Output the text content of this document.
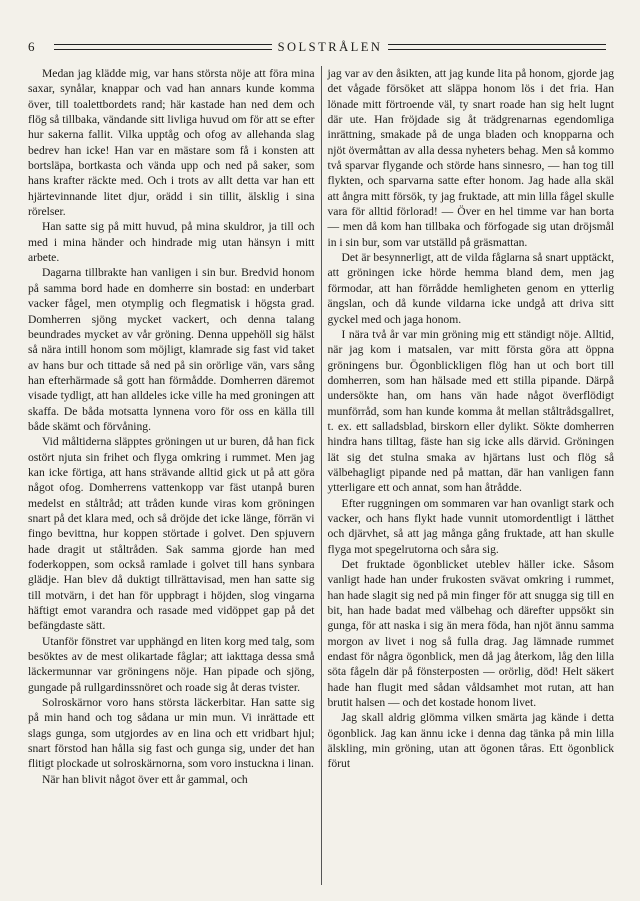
6	SOLSTRÅLEN

Medan jag klädde mig, var hans största nöje att föra mina saxar, synålar, knappar och vad han annars kunde komma över, till toalettbordets rand; här kastade han ned dem och flög så tillbaka, vändande sitt livliga huvud om för att se efter hur sakerna fallit. Vilka upptåg och ofog av allehanda slag bedrev han icke! Han var en mästare som få i konsten att bortsläpa, bortkasta och vända upp och ned på saker, som hans krafter räckte med. Och i trots av allt detta var han ett hjärtevinnande litet djur, orädd i sin tillit, älsklig i sina rörelser.

Han satte sig på mitt huvud, på mina skuldror, ja till och med i mina händer och hindrade mig utan hänsyn i mitt arbete.

Dagarna tillbrakte han vanligen i sin bur. Bredvid honom på samma bord hade en domherre sin bostad: en underbart vacker fågel, men otymplig och flegmatisk i högsta grad. Domherren sjöng mycket vackert, och denna talang beundrades mycket av vår gröning. Denna uppehöll sig hälst så nära intill honom som möjligt, klamrade sig fast vid taket av hans bur och tittade så ned på sin orörlige vän, vars sång han efterhärmade så gott han förmådde. Domherren däremot visade tydligt, att han alldeles icke ville ha med groningen att skaffa. De båda motsatta lynnena voro för oss en källa till både skämt och förvåning.

Vid måltiderna släpptes gröningen ut ur buren, då han fick ostört njuta sin frihet och flyga omkring i rummet. Men jag kan icke förtiga, att hans strävande alltid gick ut på att göra något ofog. Domherrens vattenkopp var fäst utanpå buren medelst en ståltråd; att tråden kunde viras kom gröningen snart på det klara med, och så dröjde det icke länge, förrän vi fingo bevittna, hur koppen störtade i golvet. Den spjuvern hade dragit ut ståltråden. Sak samma gjorde han med foderkoppen, som också ramlade i golvet till hans synbara glädje. Han blev då duktigt tillrättavisad, men han satte sig till motvärn, i det han för uppbragt i höjden, slog vingarna häftigt emot varandra och rasade med vidöppet gap på det befängdaste sätt.

Utanför fönstret var upphängd en liten korg med talg, som besöktes av de mest olikartade fåglar; att iakttaga dessa små läckermunnar var gröningens nöje. Han pipade och sjöng, gungade på rullgardinssnöret och roade sig åt deras tvister.

Solroskärnor voro hans största läckerbitar. Han satte sig på min hand och tog sådana ur min mun. Vi inrättade ett slags gunga, som utgjordes av en lina och ett vridbart hjul; snart förstod han hålla sig fast och gunga sig, under det han flitigt plockade ut solroskärnorna, som voro instuckna i linan.

När han blivit något över ett år gammal, och

jag var av den åsikten, att jag kunde lita på honom, gjorde jag det vågade försöket att släppa honom lös i det fria. Han lönade mitt förtroende väl, ty snart roade han sig helt lugnt där ute. Han fröjdade sig åt trädgrenarnas egendomliga inrättning, smakade på de unga bladen och knopparna och njöt övermåttan av alla dessa nyheters behag. Men så kommo två sparvar flygande och störde hans sinnesro, — han tog till flykten, och sparvarna satte efter honom. Jag hade alla skäl att ångra mitt försök, ty jag fruktade, att min lilla fågel skulle vara för alltid förlorad! — Över en hel timme var han borta — men då kom han tillbaka och förfogade sig utan dröjsmål in i sin bur, som var utställd på gräsmattan.

Det är besynnerligt, att de vilda fåglarna så snart upptäckt, att gröningen icke hörde hemma bland dem, men jag förmodar, att han förrådde hemligheten genom en ytterlig ängslan, och då kunde vildarna icke undgå att driva sitt gyckel med och jaga honom.

I nära två år var min gröning mig ett ständigt nöje. Alltid, när jag kom i matsalen, var mitt första göra att öppna gröningens bur. Ögonblickligen flög han ut och bort till domherren, som han hälsade med ett stilla pipande. Därpå undersökte han, om hans vän hade något överflödigt munförråd, som han kunde komma åt mellan ståltrådsgallret, t. ex. ett salladsblad, birskorn eller dylikt. Sökte domherren hindra hans tilltag, fäste han sig icke alls därvid. Gröningen lät sig det stulna smaka av hjärtans lust och flög så välbehagligt pipande ned på mattan, där han vanligen fann ytterligare ett och annat, som han åtrådde.

Efter ruggningen om sommaren var han ovanligt stark och vacker, och hans flykt hade vunnit utomordentligt i lätthet och djärvhet, så att jag många gång fruktade, att han skulle flyga mot spegelrutorna och såra sig.

Det fruktade ögonblicket uteblev häller icke. Såsom vanligt hade han under frukosten svävat omkring i rummet, han hade slagit sig ned på min finger för att snugga sig till en bit, han hade badat med välbehag och därefter uppsökt sin gunga, för att naska i sig än mera föda, han njöt ännu samma morgon av livet i nog så fulla drag. Jag lämnade rummet endast för några ögonblick, men då jag återkom, låg den lilla söta fågeln där på fönsterposten — orörlig, död! Helt säkert hade han flugit med sådan våldsamhet mot rutan, att han brutit halsen — och det kostade honom livet.

Jag skall aldrig glömma vilken smärta jag kände i detta ögonblick. Jag kan ännu icke i denna dag tänka på min lilla älskling, min gröning, utan att ögonen tåras. Ett ögonblick förut
